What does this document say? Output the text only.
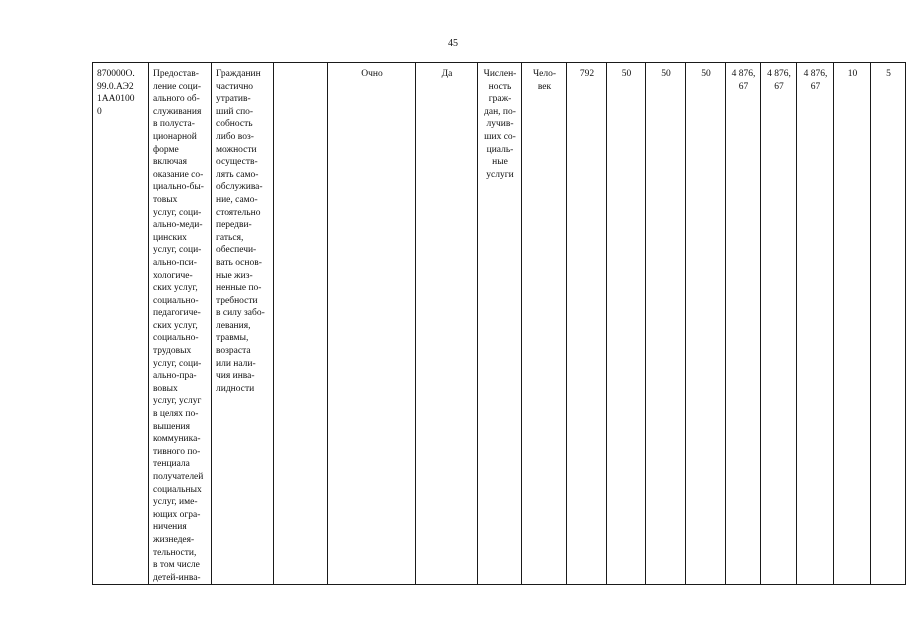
45
870000О.
99.0.АЭ2
1АА0100
0	Предостав-
ление соци-
ального об-
служивания
в полуста-
ционарной
форме
включая
оказание со-
циально-бы-
товых
услуг, соци-
ально-меди-
цинских
услуг, соци-
ально-пси-
хологиче-
ских услуг,
социально-
педагогиче-
ских услуг,
социально-
трудовых
услуг, соци-
ально-пра-
вовых
услуг, услуг
в целях по-
вышения
коммуника-
тивного по-
тенциала
получателей
социальных
услуг, име-
ющих огра-
ничения
жизнедея-
тельности,
в том числе
детей-инва-	Гражданин
частично
утратив-
ший спо-
собность
либо воз-
можности
осуществ-
лять само-
обслужива-
ние, само-
стоятельно
передви-
гаться,
обеспечи-
вать основ-
ные жиз-
ненные по-
требности
в силу забо-
левания,
травмы,
возраста
или нали-
чия инва-
лидности		Очно	Да	Числен-
ность
граж-
дан, по-
лучив-
ших со-
циаль-
ные
услуги	Чело-
век	792	50	50	50	4 876,
67	4 876,
67	4 876,
67	10	5
